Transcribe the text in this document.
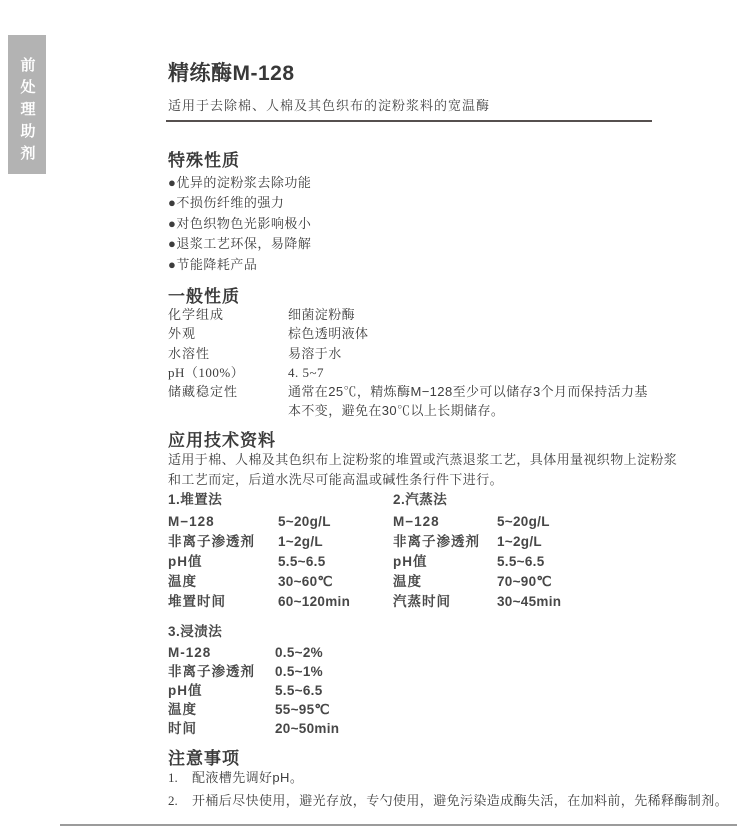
前处理助剂	精练酶M-128
适用于去除棉、人棉及其色织布的淀粉浆料的宽温酶
特殊性质
●优异的淀粉浆去除功能
●不损伤纤维的强力
●对色织物色光影响极小
●退浆工艺环保，易降解
●节能降耗产品
一般性质
化学组成	细菌淀粉酶
外观	棕色透明液体
水溶性	易溶于水
pH（100%）	4. 5~7
储藏稳定性	通常在25℃，精炼酶M−128至少可以储存3个月而保持活力基本不变，避免在30℃以上长期储存。
应用技术资料

适用于棉、人棉及其色织布上淀粉浆的堆置或汽蒸退浆工艺，具体用量视织物上淀粉浆和工艺而定，后道水洗尽可能高温或碱性条行件下进行。

1.堆置法
M−128	5~20g/L
非离子渗透剂	1~2g/L
pH值	5.5~6.5
温度	30~60℃
堆置时间	60~120min
2.汽蒸法
M−128	5~20g/L
非离子渗透剂	1~2g/L
pH值	5.5~6.5
温度	70~90℃
汽蒸时间	30~45min
3.浸渍法
M-128	0.5~2%
非离子渗透剂	0.5~1%
pH值	5.5~6.5
温度	55~95℃
时间	20~50min
注意事项
1.	配液槽先调好pH。
2.	开桶后尽快使用，避光存放，专勺使用，避免污染造成酶失活，在加料前，先稀释酶制剂。
